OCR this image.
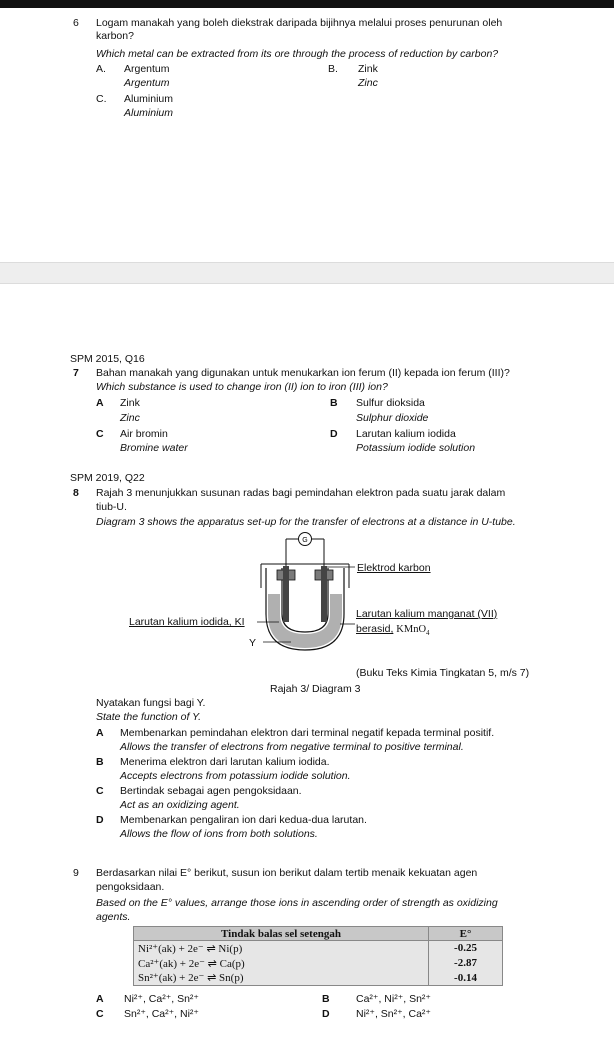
6 Logam manakah yang boleh diekstrak daripada bijihnya melalui proses penurunan oleh
karbon?
Which metal can be extracted from its ore through the process of reduction by carbon?
A. Argentum
Argentum
B. Zink
Zinc
C. Aluminium
Aluminium
SPM 2015, Q16
7 Bahan manakah yang digunakan untuk menukarkan ion ferum (II) kepada ion ferum (III)?
Which substance is used to change iron (II) ion to iron (III) ion?
A Zink
Zinc
B Sulfur dioksida
Sulphur dioxide
C Air bromin
Bromine water
D Larutan kalium iodida
Potassium iodide solution
SPM 2019, Q22
8 Rajah 3 menunjukkan susunan radas bagi pemindahan elektron pada suatu jarak dalam
tiub-U.
Diagram 3 shows the apparatus set-up for the transfer of electrons at a distance in U-tube.
G
Elektrod karbon
Larutan kalium iodida, KI
Y
Larutan kalium manganat (VII)
berasid, KMnO$_4$
(Buku Teks Kimia Tingkatan 5, m/s 7)
Rajah 3/ Diagram 3
Nyatakan fungsi bagi Y.
State the function of Y.
A Membenarkan pemindahan elektron dari terminal negatif kepada terminal positif.
Allows the transfer of electrons from negative terminal to positive terminal.
B Menerima elektron dari larutan kalium iodida.
Accepts electrons from potassium iodide solution.
C Bertindak sebagai agen pengoksidaan.
Act as an oxidizing agent.
D Membenarkan pengaliran ion dari kedua-dua larutan.
Allows the flow of ions from both solutions.
9 Berdasarkan nilai E° berikut, susun ion berikut dalam tertib menaik kekuatan agen
pengoksidaan.
Based on the E° values, arrange those ions in ascending order of strength as oxidizing
agents.
Tindak balas sel setengah	E°
Ni²⁺(ak) + 2e⁻ ⇌ Ni(p)	-0.25
Ca²⁺(ak) + 2e⁻ ⇌ Ca(p)	-2.87
Sn²⁺(ak) + 2e⁻ ⇌ Sn(p)	-0.14
A Ni²⁺, Ca²⁺, Sn²⁺	B	Ca²⁺, Ni²⁺, Sn²⁺
C Sn²⁺, Ca²⁺, Ni²⁺	D	Ni²⁺, Sn²⁺, Ca²⁺
